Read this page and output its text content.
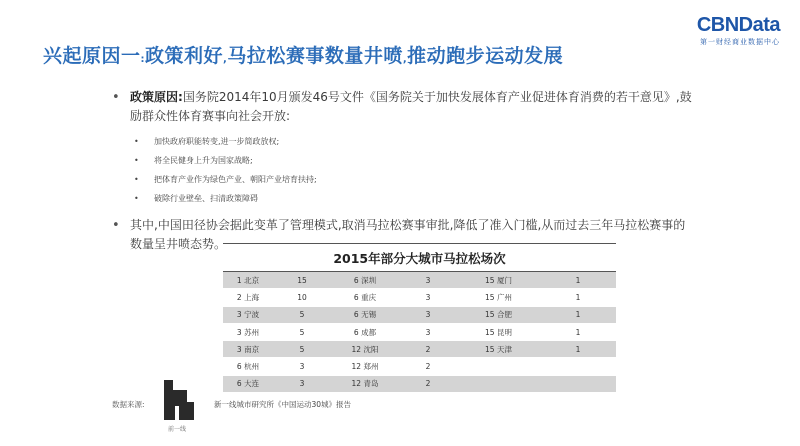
兴起原因一:政策利好,马拉松赛事数量井喷,推动跑步运动发展
CBNData
第一财经商业数据中心
• 政策原因:国务院2014年10月颁发46号文件《国务院关于加快发展体育产业促进体育消费的若干意见》,鼓励群众性体育赛事向社会开放:
• 加快政府职能转变,进一步简政放权;
• 将全民健身上升为国家战略;
• 把体育产业作为绿色产业、朝阳产业培育扶持;
• 破除行业壁垒、扫清政策障碍
• 其中,中国田径协会据此变革了管理模式,取消马拉松赛事审批,降低了准入门槛,从而过去三年马拉松赛事的数量呈井喷态势。
2015年部分大城市马拉松场次
1 北京	15	6 深圳	3	15 厦门	1
2 上海	10	6 重庆	3	15 广州	1
3 宁波	5	6 无锡	3	15 合肥	1
3 苏州	5	6 成都	3	15 昆明	1
3 南京	5	12 沈阳	2	15 天津	1
6 杭州	3	12 郑州	2		
6 大连	3	12 青岛	2		
数据来源:
前一线
新一线城市研究所《中国运动30城》报告
